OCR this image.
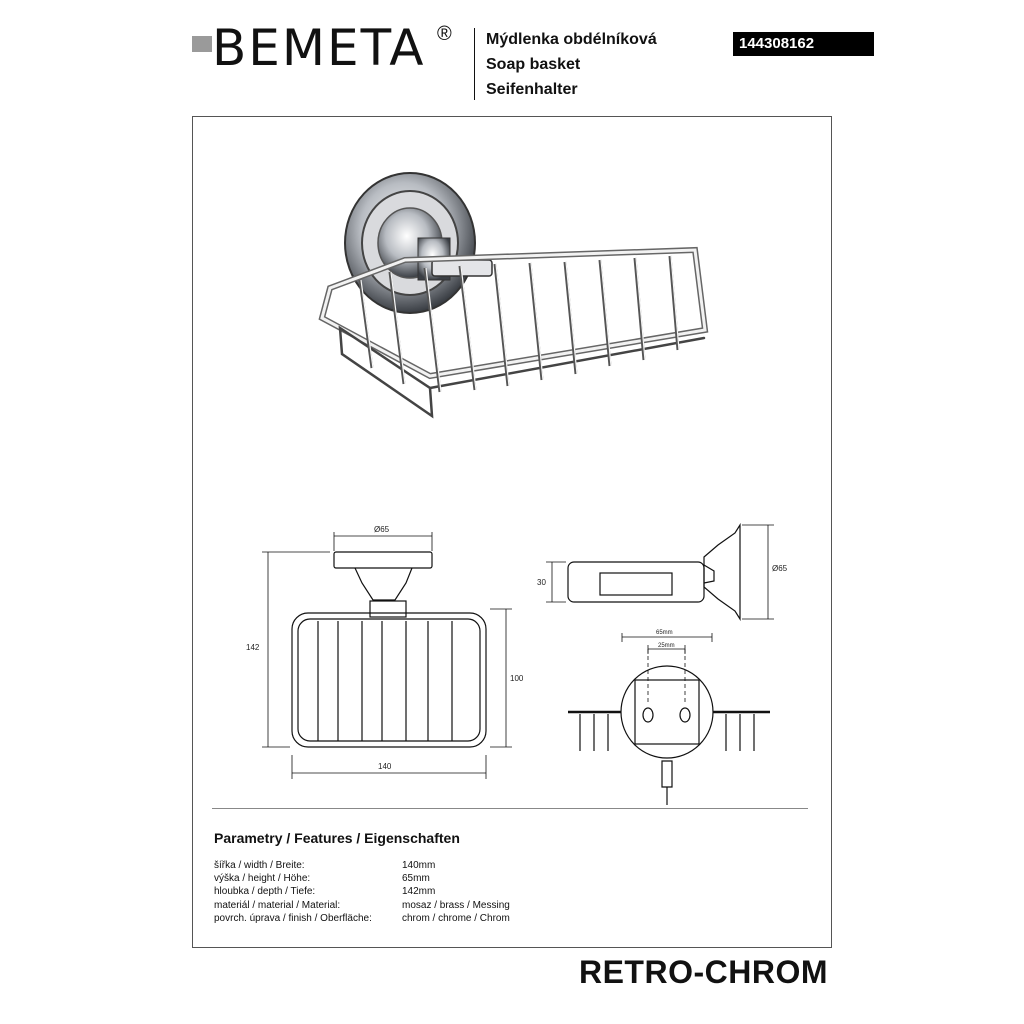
BEMETA ® Mýdlenka obdélníková
Soap basket
Seifenhalter
144308162
Ø65
142
100
140
30
Ø65
65mm
25mm
Parametry / Features / Eigenschaften
šířka / width / Breite:	140mm
výška / height / Höhe:	65mm
hloubka / depth / Tiefe:	142mm
materiál / material / Material:	mosaz / brass / Messing
povrch. úprava / finish / Oberfläche:	chrom / chrome / Chrom
RETRO-CHROM
